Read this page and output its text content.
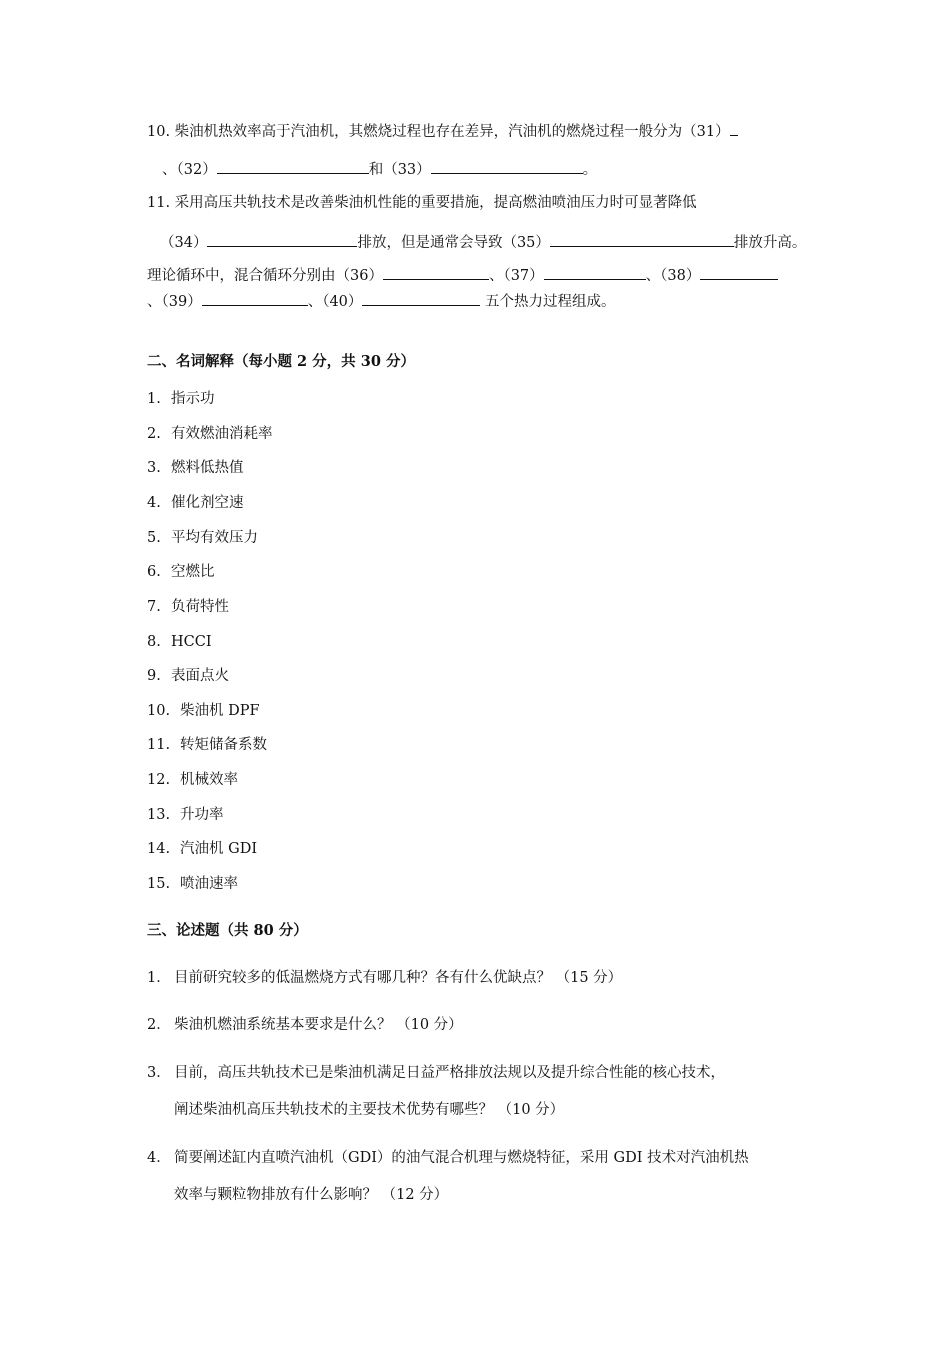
10. 柴油机热效率高于汽油机，其燃烧过程也存在差异，汽油机的燃烧过程一般分为（31）
、（32）	和（33）	。
11. 采用高压共轨技术是改善柴油机性能的重要措施，提高燃油喷油压力时可显著降低
（34）	排放，但是通常会导致（35）	排放升高。
理论循环中，混合循环分别由（36）	、（37）	、（38）
、（39）	、（40）	五个热力过程组成。
二、名词解释（每小题 2 分，共 30 分）
1. 指示功
2. 有效燃油消耗率
3. 燃料低热值
4. 催化剂空速
5. 平均有效压力
6. 空燃比
7. 负荷特性
8. HCCI
9. 表面点火
10. 柴油机 DPF
11. 转矩储备系数
12. 机械效率
13. 升功率
14. 汽油机 GDI
15. 喷油速率
三、论述题（共 80 分）
1． 目前研究较多的低温燃烧方式有哪几种？各有什么优缺点？ （15 分）
2． 柴油机燃油系统基本要求是什么？ （10 分）
3． 目前，高压共轨技术已是柴油机满足日益严格排放法规以及提升综合性能的核心技术，
阐述柴油机高压共轨技术的主要技术优势有哪些？ （10 分）
4． 简要阐述缸内直喷汽油机（GDI）的油气混合机理与燃烧特征，采用 GDI 技术对汽油机热
效率与颗粒物排放有什么影响？ （12 分）
